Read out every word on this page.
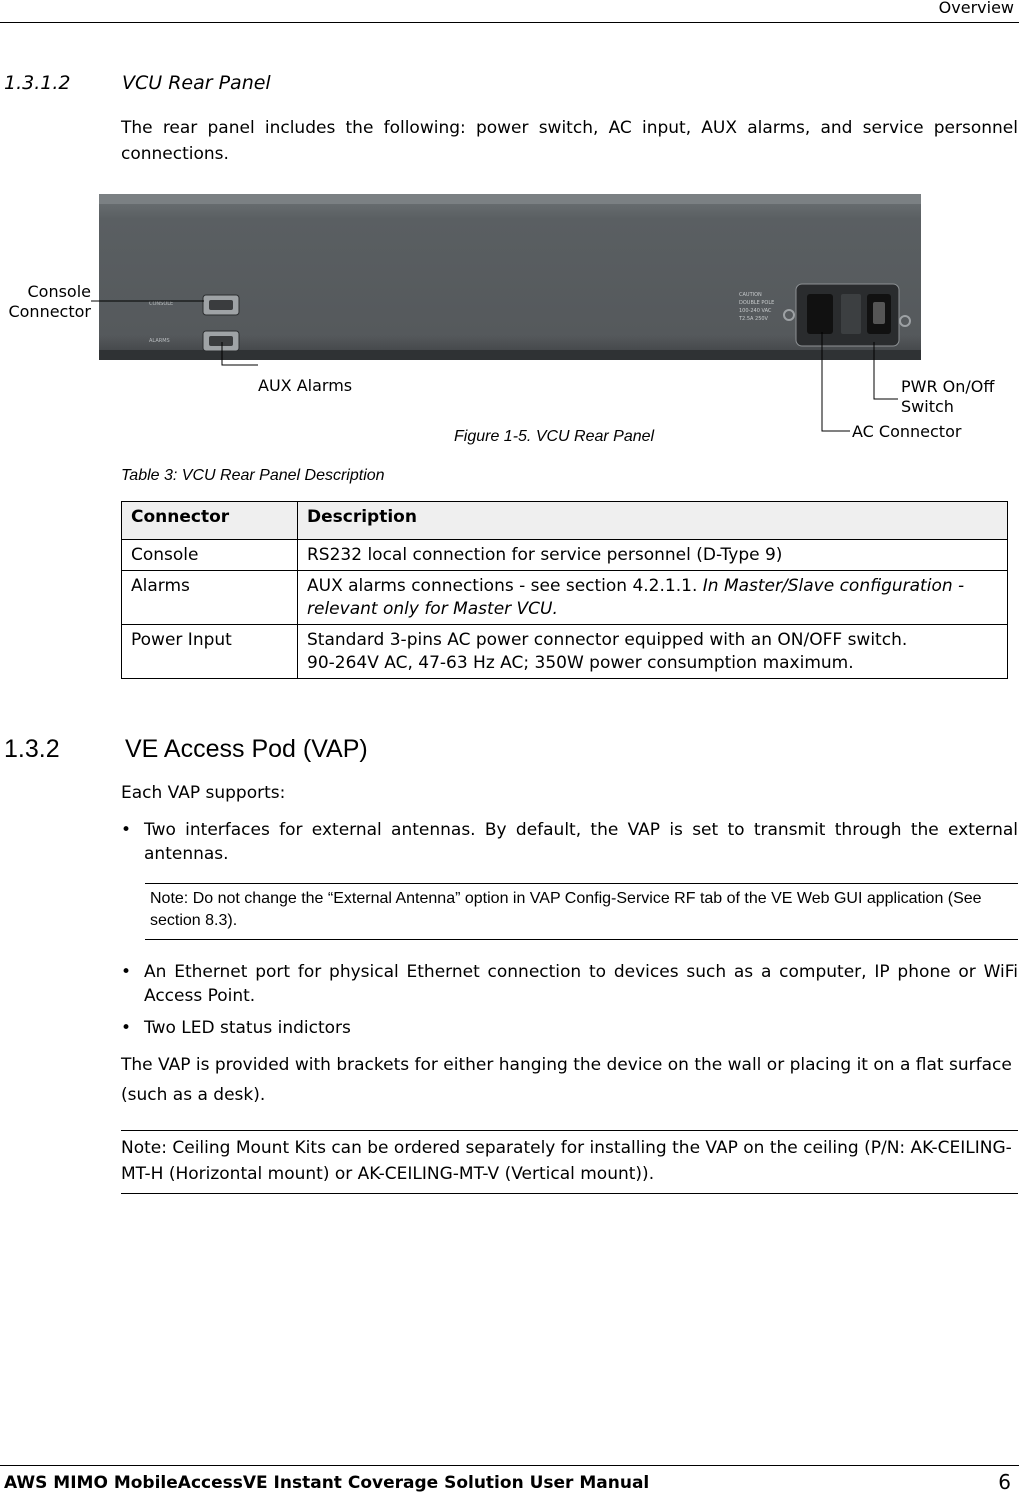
Overview
1.3.1.2	VCU Rear Panel
The rear panel includes the following: power switch, AC input, AUX alarms, and service personnel connections.
CONSOLE
ALARMS
CAUTION
DOUBLE POLE
100-240 VAC
T2.5A 250V
Console
Connector
AUX Alarms	PWR On/Off
Switch
AC Connector
Figure 1-5. VCU Rear Panel
Table 3: VCU Rear Panel Description
Connector	Description
Console	RS232 local connection for service personnel (D-Type 9)
Alarms	AUX alarms connections - see section 4.2.1.1. In Master/Slave configuration - relevant only for Master VCU.
Power Input	Standard 3-pins AC power connector equipped with an ON/OFF switch.
90-264V AC, 47-63 Hz AC; 350W power consumption maximum.
1.3.2	VE Access Pod (VAP)
Each VAP supports:
• Two interfaces for external antennas. By default, the VAP is set to transmit through the external antennas.
Note: Do not change the “External Antenna” option in VAP Config-Service RF tab of the VE Web GUI application (See section 8.3).
• An Ethernet port for physical Ethernet connection to devices such as a computer, IP phone or WiFi Access Point.
• Two LED status indictors
The VAP is provided with brackets for either hanging the device on the wall or placing it on a flat surface (such as a desk).
Note: Ceiling Mount Kits can be ordered separately for installing the VAP on the ceiling (P/N: AK-CEILING-MT-H (Horizontal mount) or AK-CEILING-MT-V (Vertical mount)).
AWS MIMO MobileAccessVE Instant Coverage Solution User Manual	6
